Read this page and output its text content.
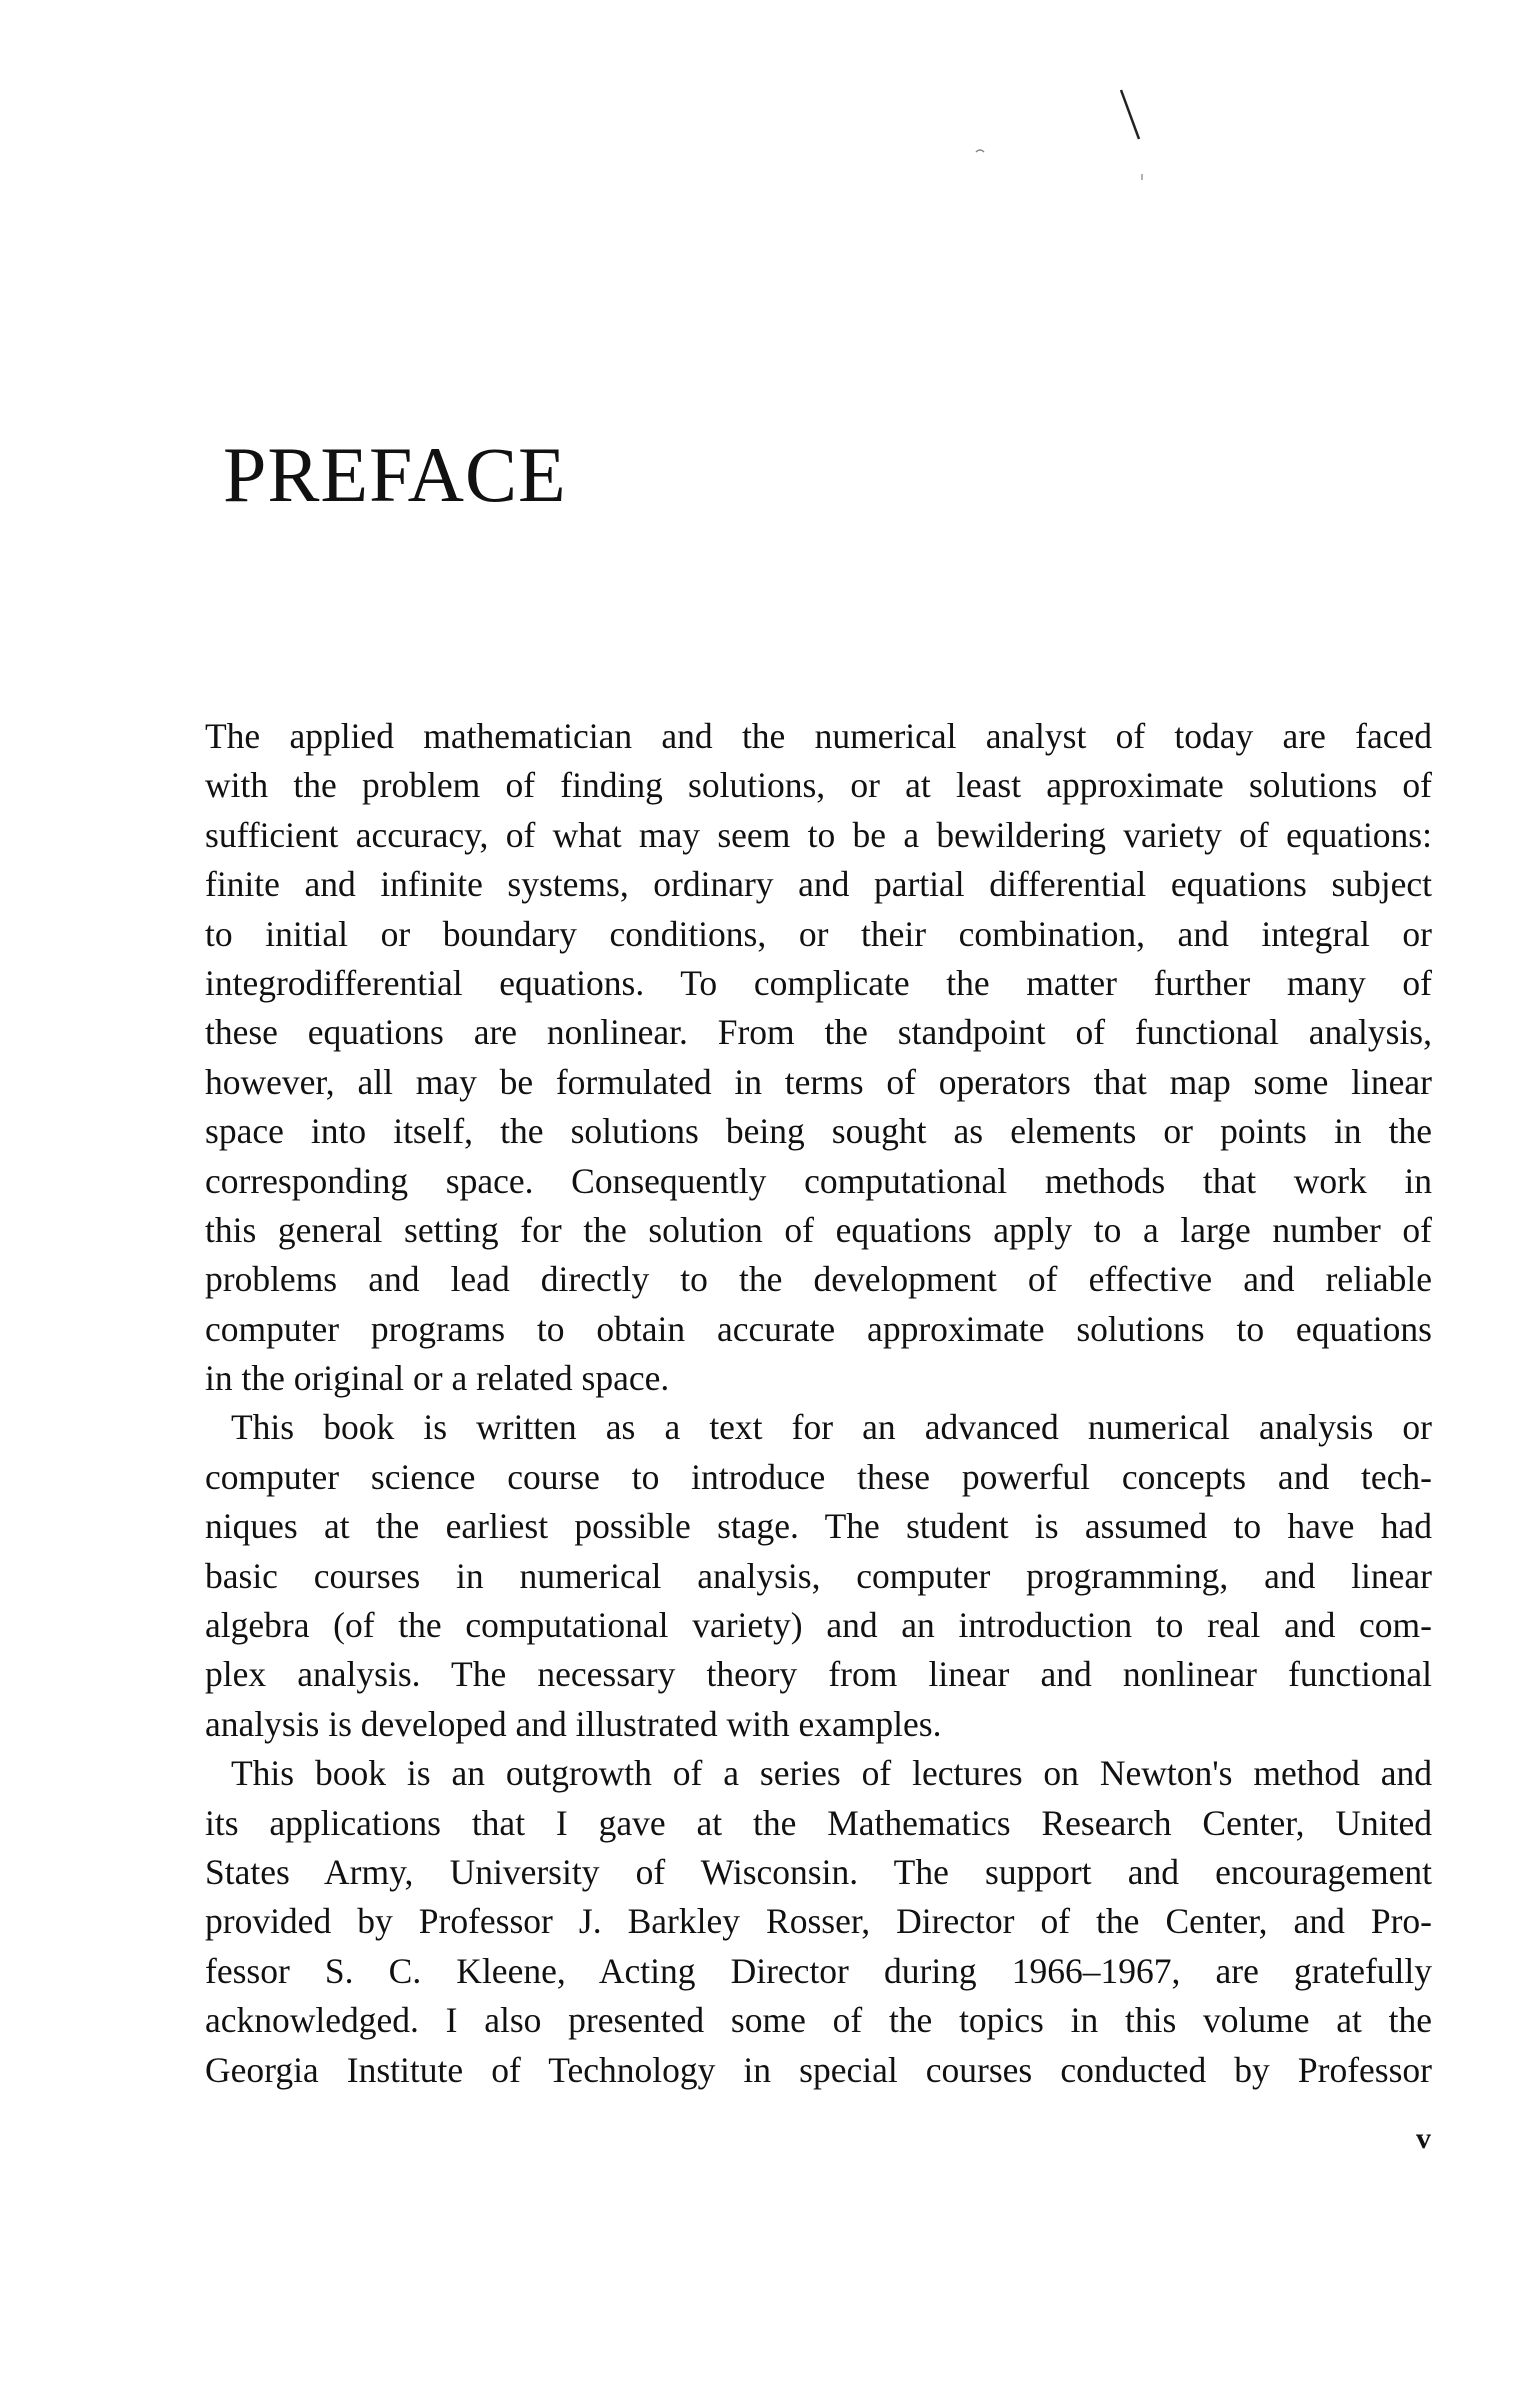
PREFACE
The applied mathematician and the numerical analyst of today are faced
with the problem of finding solutions, or at least approximate solutions of
sufficient accuracy, of what may seem to be a bewildering variety of equations:
finite and infinite systems, ordinary and partial differential equations subject
to initial or boundary conditions, or their combination, and integral or
integrodifferential equations. To complicate the matter further many of
these equations are nonlinear. From the standpoint of functional analysis,
however, all may be formulated in terms of operators that map some linear
space into itself, the solutions being sought as elements or points in the
corresponding space. Consequently computational methods that work in
this general setting for the solution of equations apply to a large number of
problems and lead directly to the development of effective and reliable
computer programs to obtain accurate approximate solutions to equations
in the original or a related space.
This book is written as a text for an advanced numerical analysis or
computer science course to introduce these powerful concepts and tech-
niques at the earliest possible stage. The student is assumed to have had
basic courses in numerical analysis, computer programming, and linear
algebra (of the computational variety) and an introduction to real and com-
plex analysis. The necessary theory from linear and nonlinear functional
analysis is developed and illustrated with examples.
This book is an outgrowth of a series of lectures on Newton's method and
its applications that I gave at the Mathematics Research Center, United
States Army, University of Wisconsin. The support and encouragement
provided by Professor J. Barkley Rosser, Director of the Center, and Pro-
fessor S. C. Kleene, Acting Director during 1966–1967, are gratefully
acknowledged. I also presented some of the topics in this volume at the
Georgia Institute of Technology in special courses conducted by Professor
v
